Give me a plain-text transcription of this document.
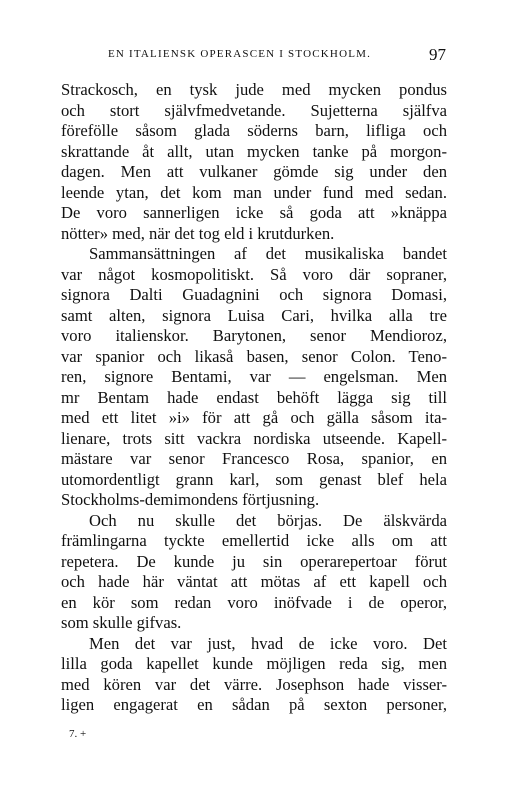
EN ITALIENSK OPERASCEN I STOCKHOLM.	97
Strackosch, en tysk jude med mycken pondus
och stort självfmedvetande. Sujetterna själfva
förefölle såsom glada söderns barn, lifliga och
skrattande åt allt, utan mycken tanke på morgon-
dagen. Men att vulkaner gömde sig under den
leende ytan, det kom man under fund med sedan.
De voro sannerligen icke så goda att »knäppa
nötter» med, när det tog eld i krutdurken.
Sammansättningen af det musikaliska bandet
var något kosmopolitiskt. Så voro där sopraner,
signora Dalti Guadagnini och signora Domasi,
samt alten, signora Luisa Cari, hvilka alla tre
voro italienskor. Barytonen, senor Mendioroz,
var spanior och likaså basen, senor Colon. Teno-
ren, signore Bentami, var — engelsman. Men
mr Bentam hade endast behöft lägga sig till
med ett litet »i» för att gå och gälla såsom ita-
lienare, trots sitt vackra nordiska utseende. Kapell-
mästare var senor Francesco Rosa, spanior, en
utomordentligt grann karl, som genast blef hela
Stockholms-demimondens förtjusning.
Och nu skulle det börjas. De älskvärda
främlingarna tyckte emellertid icke alls om att
repetera. De kunde ju sin operarepertoar förut
och hade här väntat att mötas af ett kapell och
en kör som redan voro inöfvade i de operor,
som skulle gifvas.
Men det var just, hvad de icke voro. Det
lilla goda kapellet kunde möjligen reda sig, men
med kören var det värre. Josephson hade visser-
ligen engagerat en sådan på sexton personer,
7. +
